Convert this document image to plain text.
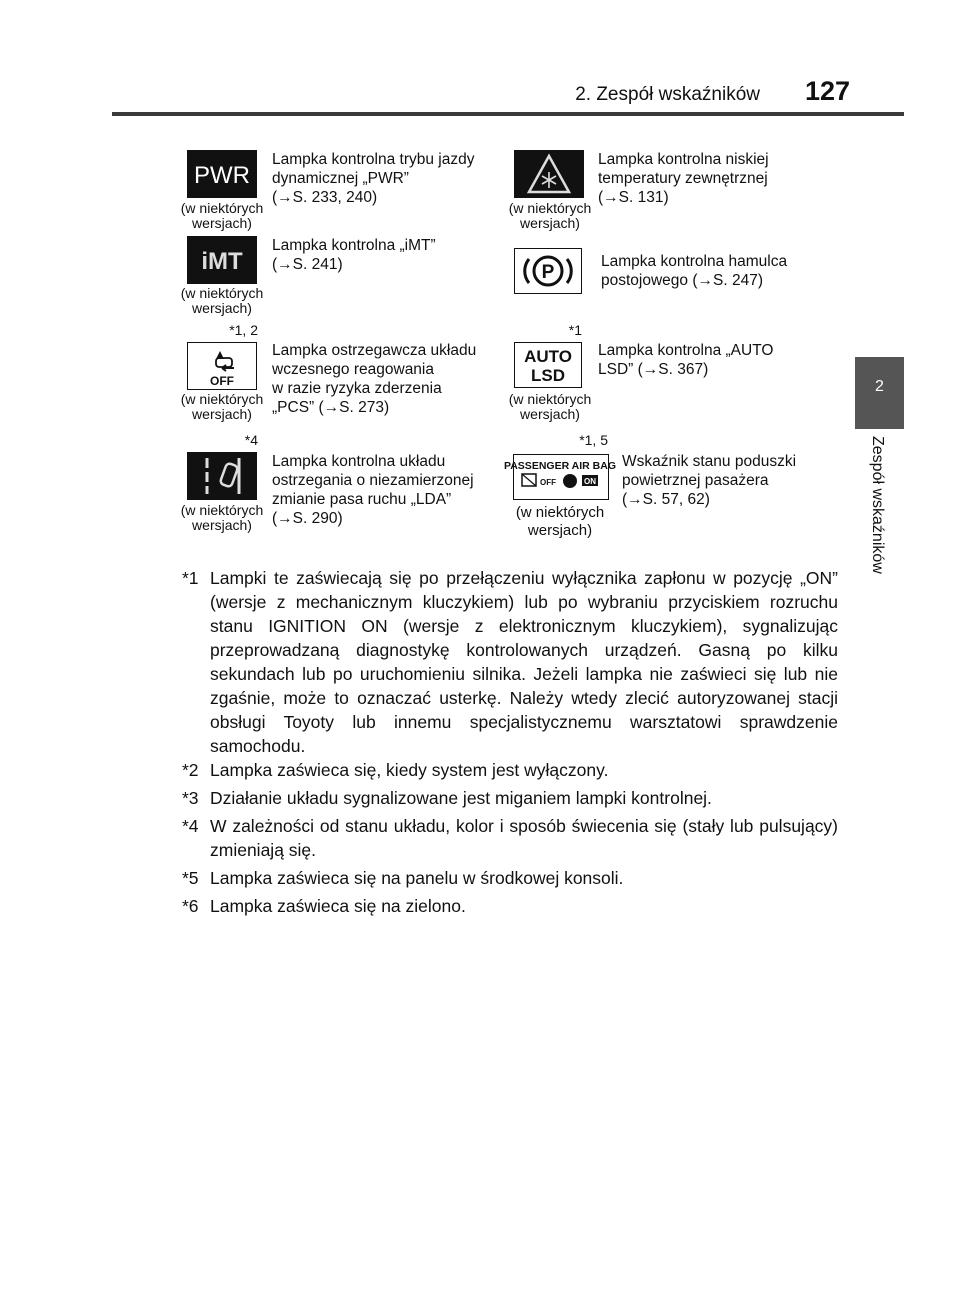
2. Zespół wskaźników	127
2
Zespół wskaźników
PWR
(w niektórych wersjach)
Lampka kontrolna trybu jazdy
dynamicznej „PWR”
(→S. 233, 240)
(w niektórych wersjach)
Lampka kontrolna niskiej
temperatury zewnętrznej
(→S. 131)
iMT
(w niektórych wersjach)
Lampka kontrolna „iMT”
(→S. 241)	P
Lampka kontrolna hamulca
postojowego (→S. 247)
*1, 2
OFF
(w niektórych wersjach)
Lampka ostrzegawcza układu
wczesnego reagowania
w razie ryzyka zderzenia
„PCS” (→S. 273)
*1
AUTO
LSD
(w niektórych wersjach)
Lampka kontrolna „AUTO
LSD” (→S. 367)
*4
(w niektórych wersjach)
Lampka kontrolna układu
ostrzegania o niezamierzonej
zmianie pasa ruchu „LDA”
(→S. 290)
*1, 5
PASSENGER AIR BAG
OFF	ON
(w niektórych wersjach)
Wskaźnik stanu poduszki
powietrznej pasażera
(→S. 57, 62)
*1 Lampki te zaświecają się po przełączeniu wyłącznika zapłonu w pozycję „ON” (wersje z mechanicznym kluczykiem) lub po wybraniu przyciskiem rozruchu stanu IGNITION ON (wersje z elektronicznym kluczykiem), sygnalizując przeprowadzaną diagnostykę kontrolowanych urządzeń. Gasną po kilku sekundach lub po uruchomieniu silnika. Jeżeli lampka nie zaświeci się lub nie zgaśnie, może to oznaczać usterkę. Należy wtedy zlecić autoryzowanej stacji obsługi Toyoty lub innemu specjalistycznemu warsztatowi sprawdzenie samochodu.
*2 Lampka zaświeca się, kiedy system jest wyłączony.
*3 Działanie układu sygnalizowane jest miganiem lampki kontrolnej.
*4 W zależności od stanu układu, kolor i sposób świecenia się (stały lub pulsujący) zmieniają się.
*5 Lampka zaświeca się na panelu w środkowej konsoli.
*6 Lampka zaświeca się na zielono.
